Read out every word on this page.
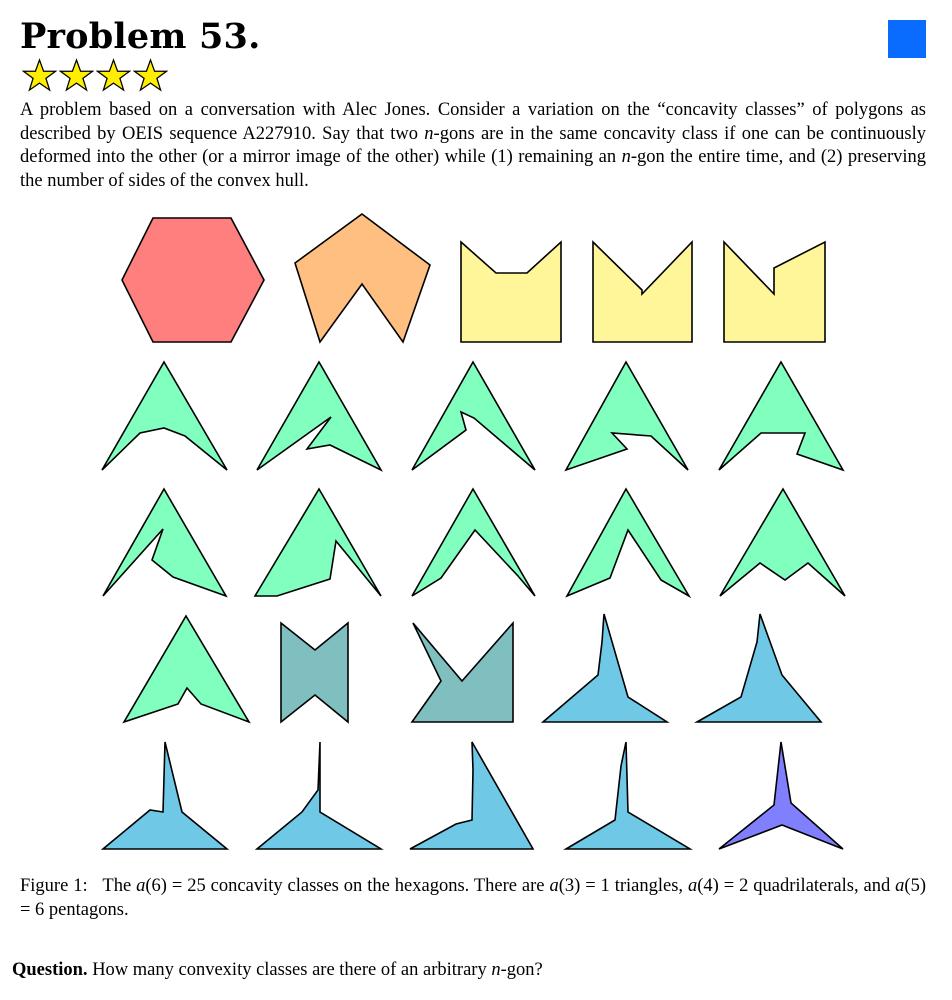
Problem 53.
A problem based on a conversation with Alec Jones. Consider a variation on the “concavity classes” of polygons as described by OEIS sequence A227910. Say that two n-gons are in the same concavity class if one can be continuously deformed into the other (or a mirror image of the other) while (1) remaining an n-gon the entire time, and (2) preserving the number of sides of the convex hull.
Figure 1: The a(6) = 25 concavity classes on the hexagons. There are a(3) = 1 triangles, a(4) = 2 quadrilaterals, and a(5) = 6 pentagons.
Question. How many convexity classes are there of an arbitrary n-gon?
